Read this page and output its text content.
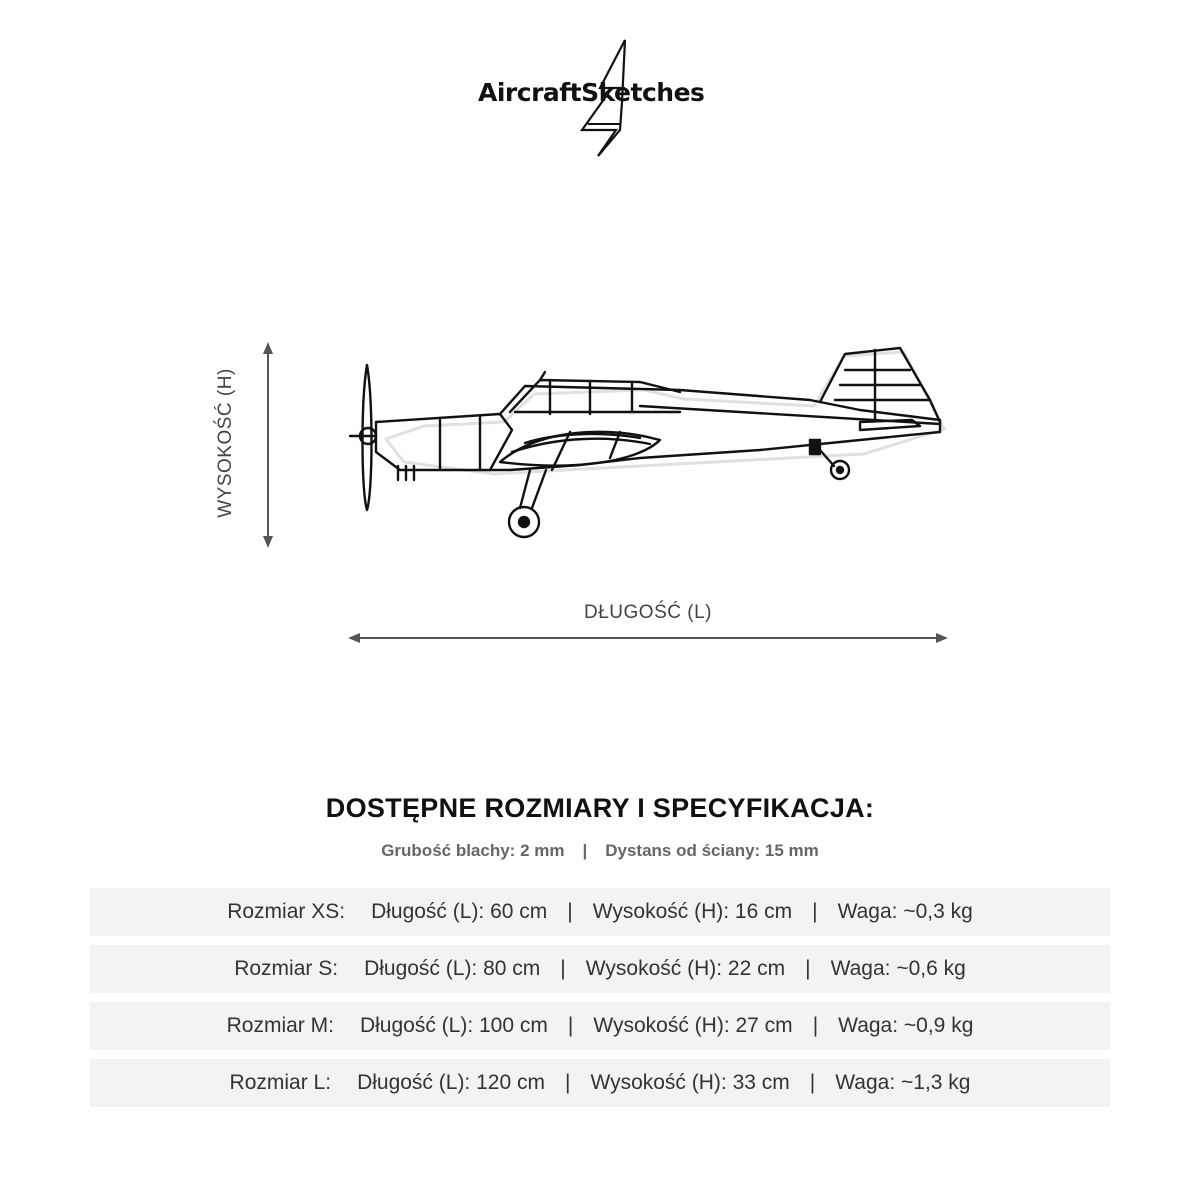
AircraftSketches
WYSOKOŚĆ (H)
DŁUGOŚĆ (L)
DOSTĘPNE ROZMIARY I SPECYFIKACJA:
Grubość blachy: 2 mm | Dystans od ściany: 15 mm
Rozmiar XS: Długość (L): 60 cm | Wysokość (H): 16 cm | Waga: ~0,3 kg
Rozmiar S: Długość (L): 80 cm | Wysokość (H): 22 cm | Waga: ~0,6 kg
Rozmiar M: Długość (L): 100 cm | Wysokość (H): 27 cm | Waga: ~0,9 kg
Rozmiar L: Długość (L): 120 cm | Wysokość (H): 33 cm | Waga: ~1,3 kg
